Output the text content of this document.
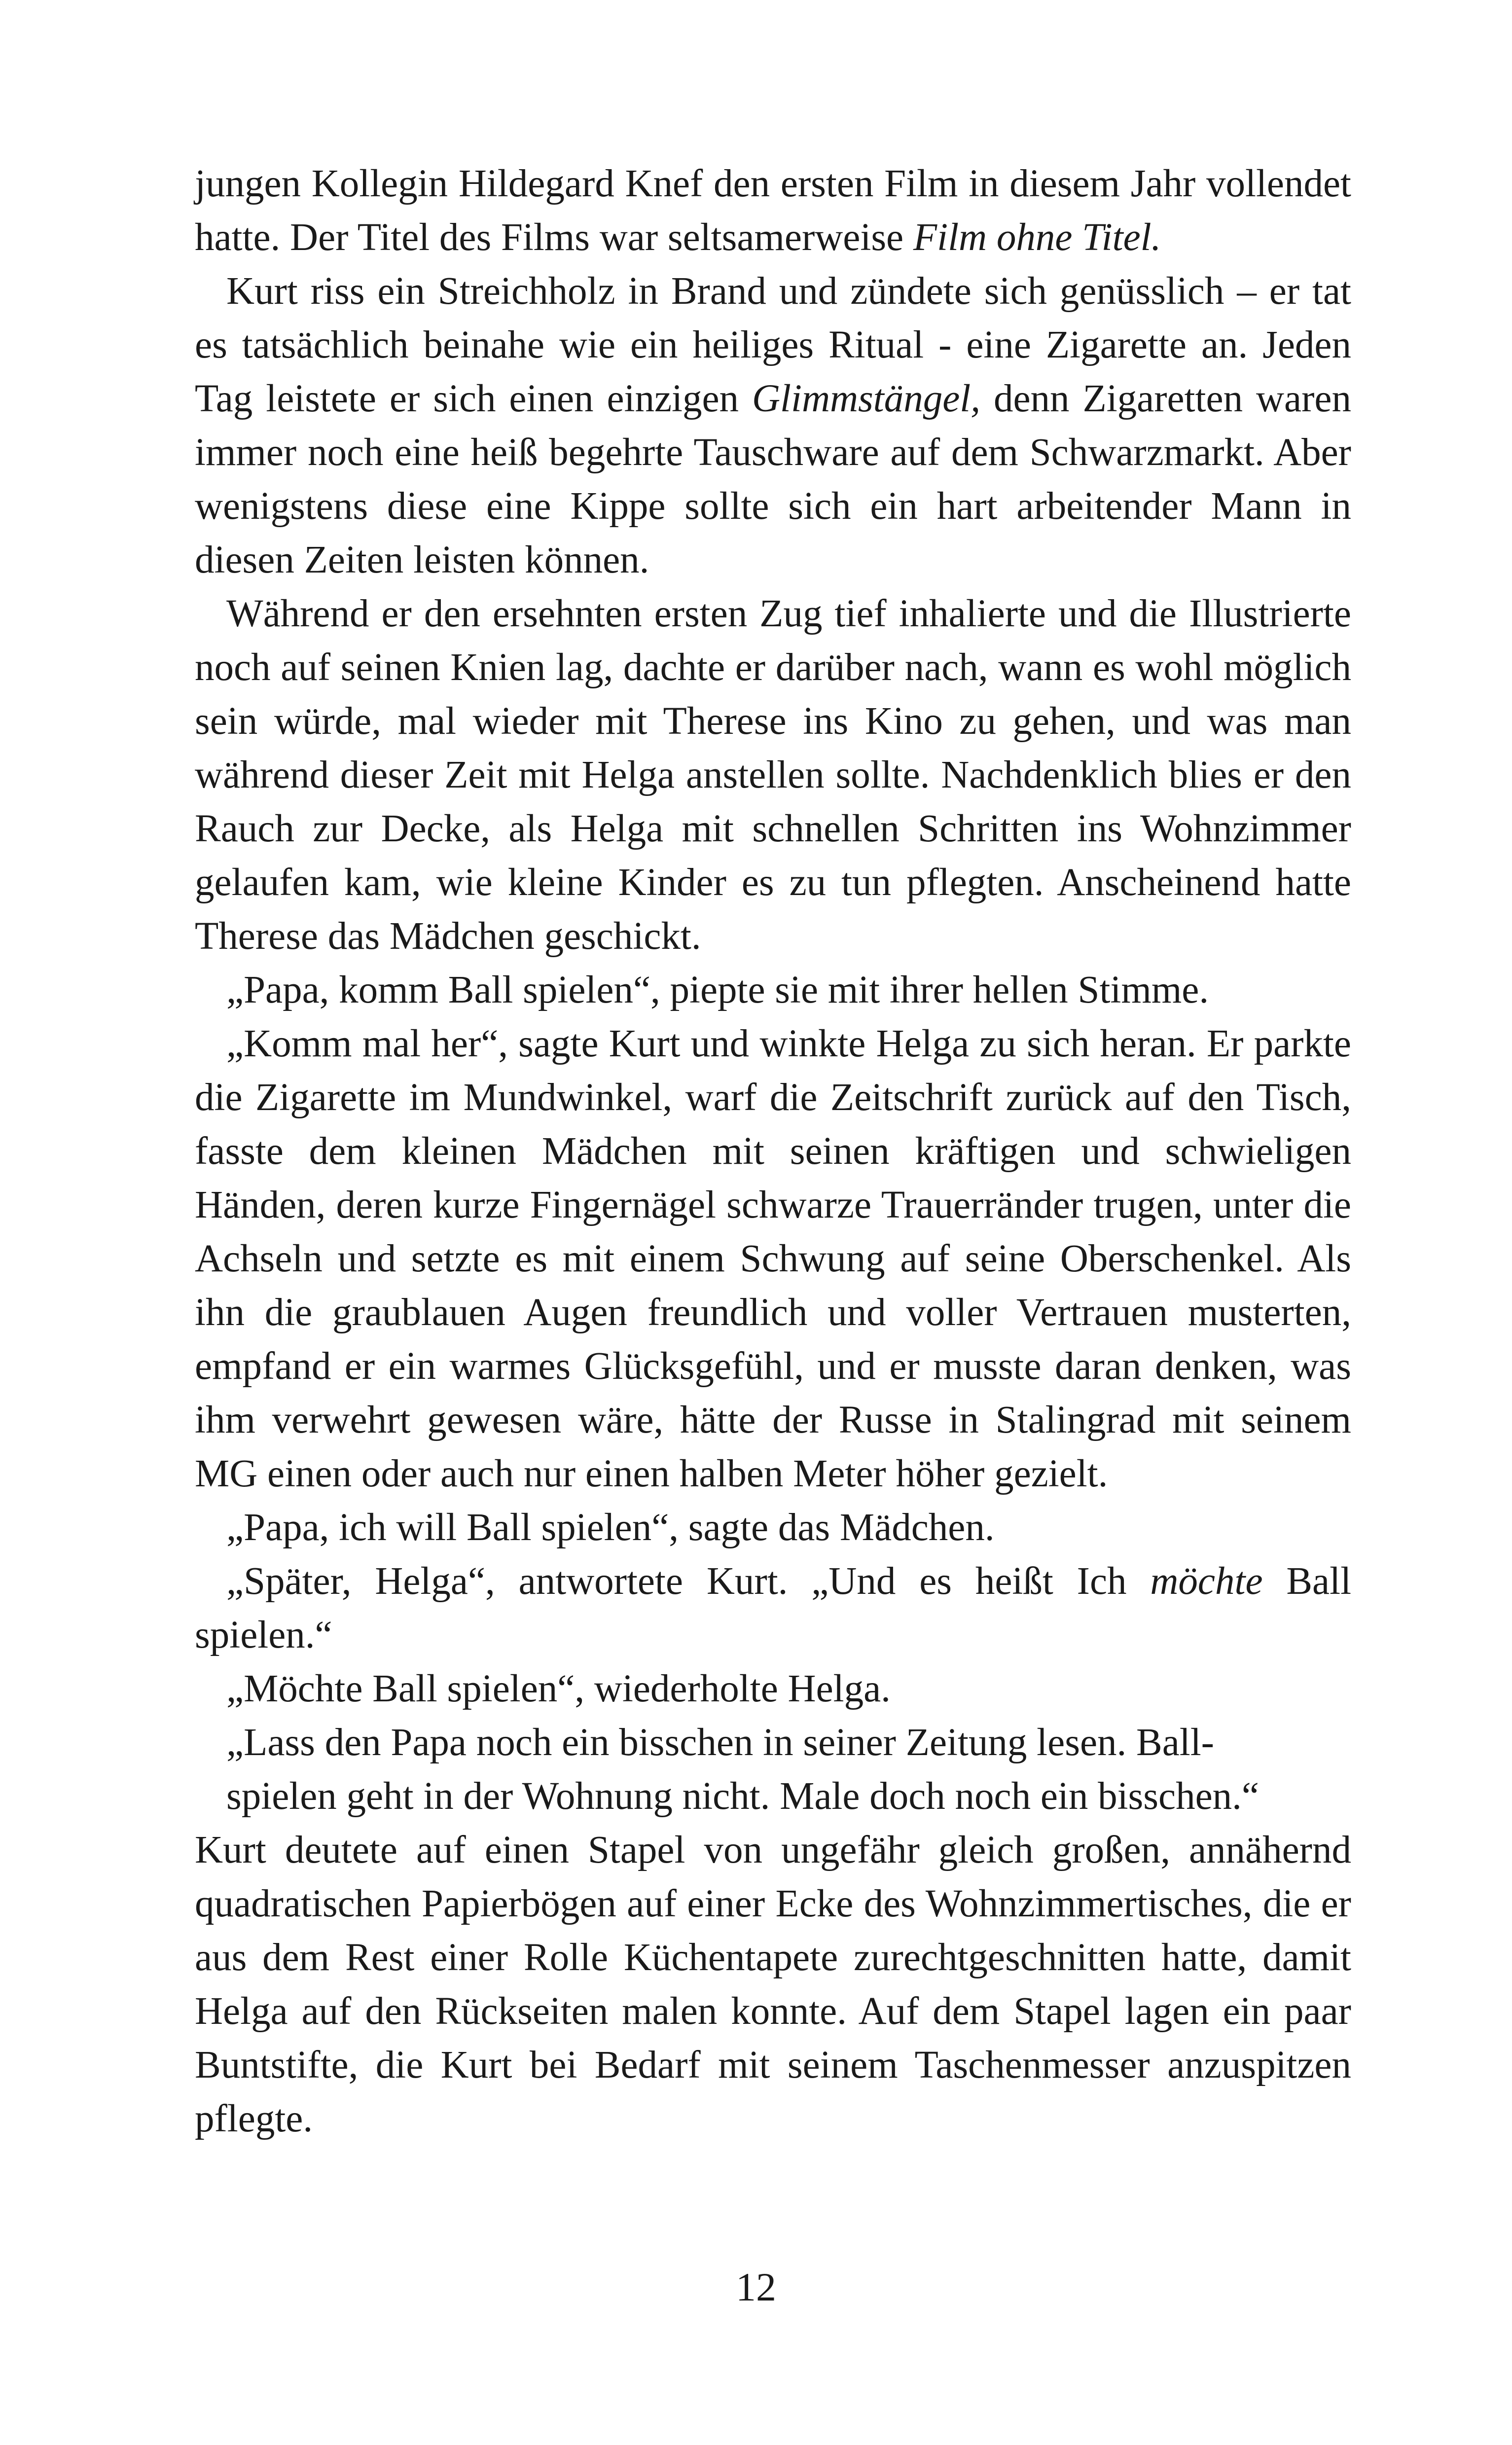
jungen Kollegin Hildegard Knef den ersten Film in diesem Jahr vollendet hatte. Der Titel des Films war seltsamerweise Film ohne Titel.

Kurt riss ein Streichholz in Brand und zündete sich genüsslich – er tat es tatsächlich beinahe wie ein heiliges Ritual - eine Zigarette an. Jeden Tag leistete er sich einen einzigen Glimmstängel, denn Zigaretten waren immer noch eine heiß begehrte Tauschware auf dem Schwarzmarkt. Aber wenigstens diese eine Kippe sollte sich ein hart arbeitender Mann in diesen Zeiten leisten können.

Während er den ersehnten ersten Zug tief inhalierte und die Illustrierte noch auf seinen Knien lag, dachte er darüber nach, wann es wohl möglich sein würde, mal wieder mit Therese ins Kino zu gehen, und was man während dieser Zeit mit Helga anstellen sollte. Nachdenklich blies er den Rauch zur Decke, als Helga mit schnellen Schritten ins Wohnzimmer gelaufen kam, wie kleine Kinder es zu tun pflegten. Anscheinend hatte Therese das Mädchen geschickt.

„Papa, komm Ball spielen“, piepte sie mit ihrer hellen Stimme.

„Komm mal her“, sagte Kurt und winkte Helga zu sich heran. Er parkte die Zigarette im Mundwinkel, warf die Zeitschrift zurück auf den Tisch, fasste dem kleinen Mädchen mit seinen kräftigen und schwieligen Händen, deren kurze Fingernägel schwarze Trauerränder trugen, unter die Achseln und setzte es mit einem Schwung auf seine Oberschenkel. Als ihn die graublauen Augen freundlich und voller Vertrauen musterten, empfand er ein warmes Glücksgefühl, und er musste daran denken, was ihm verwehrt gewesen wäre, hätte der Russe in Stalingrad mit seinem MG einen oder auch nur einen halben Meter höher gezielt.

„Papa, ich will Ball spielen“, sagte das Mädchen.

„Später, Helga“, antwortete Kurt. „Und es heißt Ich möchte Ball spielen.“

„Möchte Ball spielen“, wiederholte Helga.

„Lass den Papa noch ein bisschen in seiner Zeitung lesen. Ball-

spielen geht in der Wohnung nicht. Male doch noch ein bisschen.“

Kurt deutete auf einen Stapel von ungefähr gleich großen, annähernd quadratischen Papierbögen auf einer Ecke des Wohnzimmertisches, die er aus dem Rest einer Rolle Küchentapete zurechtgeschnitten hatte, damit Helga auf den Rückseiten malen konnte. Auf dem Stapel lagen ein paar Buntstifte, die Kurt bei Bedarf mit seinem Taschenmesser anzuspitzen pflegte.

12
